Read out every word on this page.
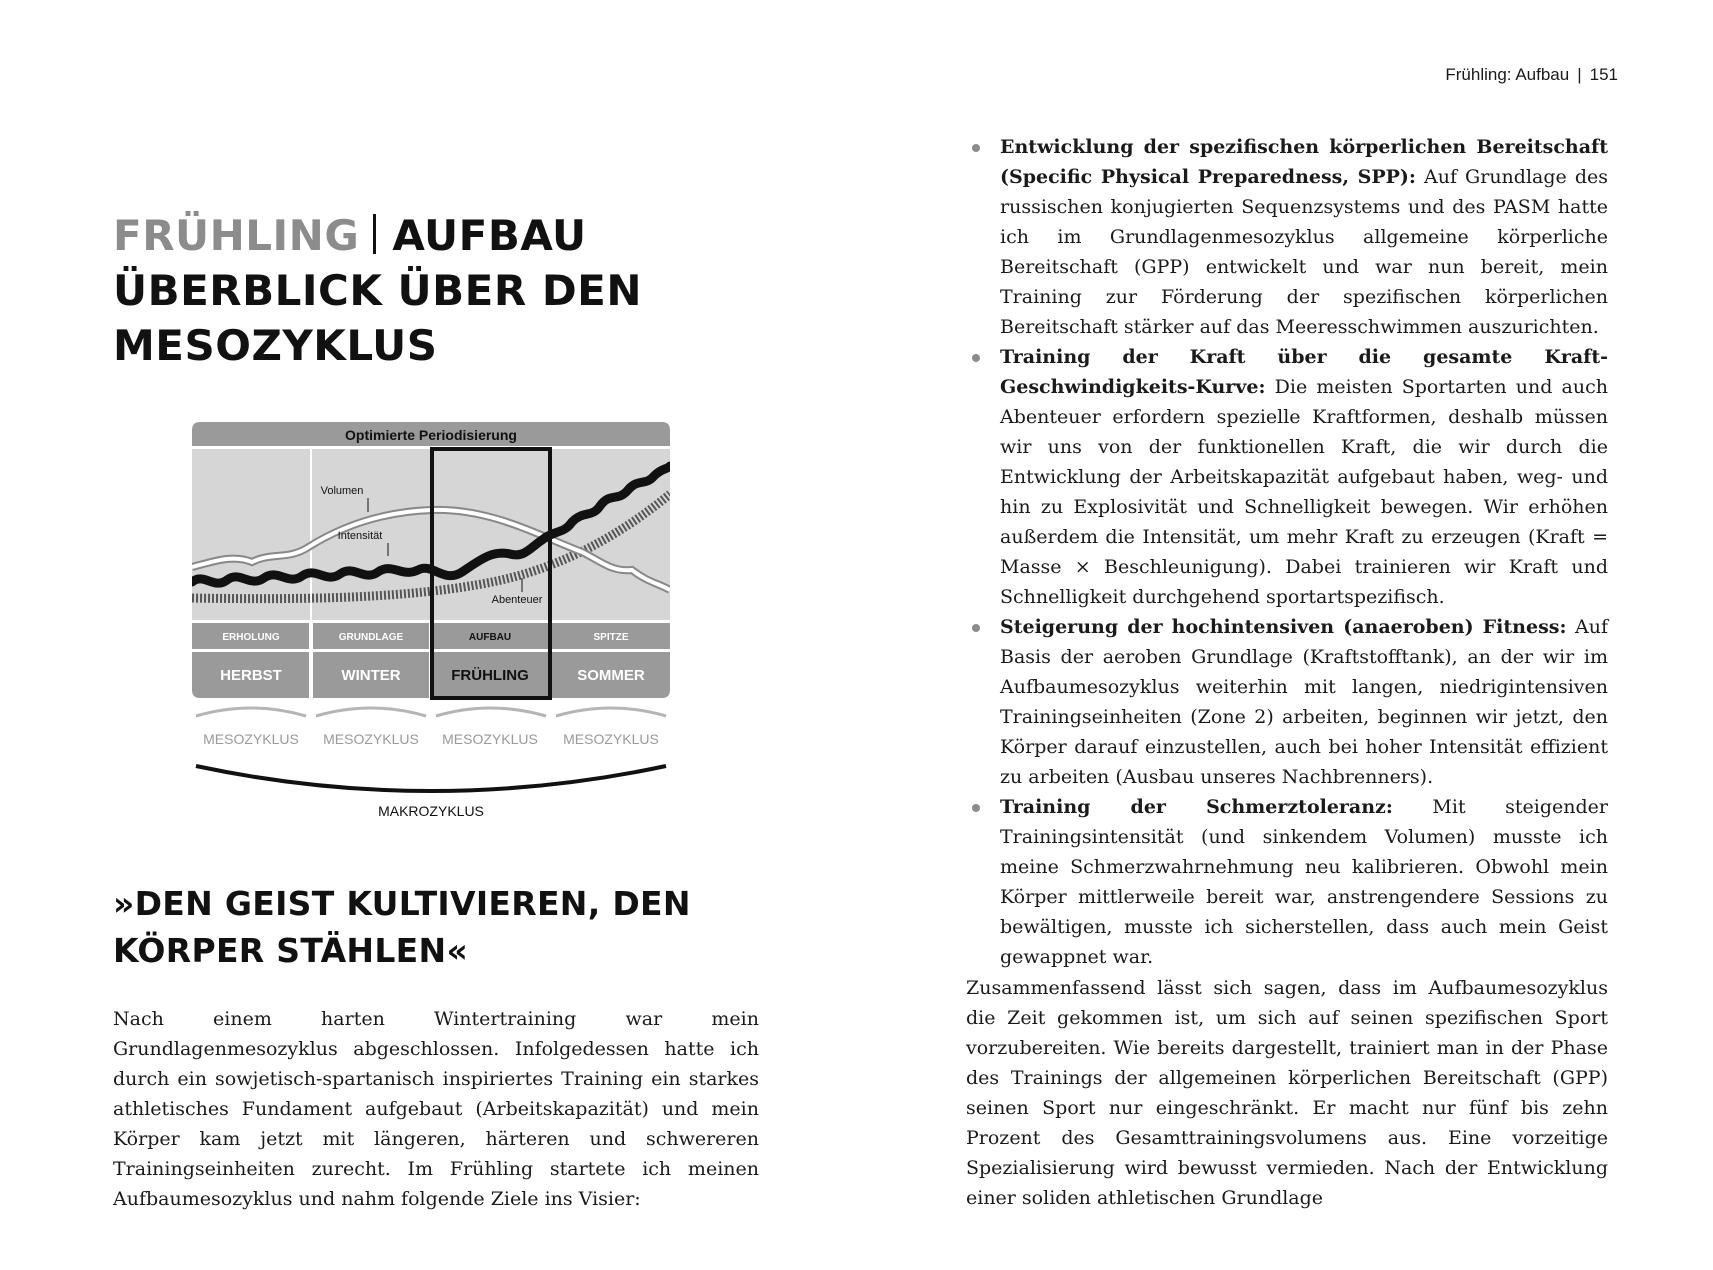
Frühling: Aufbau | 151
FRÜHLING AUFBAU
ÜBERBLICK ÜBER DEN
MESOZYKLUS
Optimierte Periodisierung
Volumen
Intensität
Abenteuer
ERHOLUNG	GRUNDLAGE	AUFBAU	SPITZE
HERBST	WINTER	FRÜHLING	SOMMER
MESOZYKLUS MESOZYKLUS MESOZYKLUS MESOZYKLUS
MAKROZYKLUS
»DEN GEIST KULTIVIEREN, DEN KÖRPER STÄHLEN«

Nach einem harten Wintertraining war mein Grundlagenmesozyklus abgeschlossen. Infolgedessen hatte ich durch ein sowjetisch-spartanisch inspiriertes Training ein starkes athletisches Fundament aufgebaut (Arbeitskapazität) und mein Körper kam jetzt mit längeren, härteren und schwereren Trainingseinheiten zurecht. Im Frühling startete ich meinen Aufbaumesozyklus und nahm folgende Ziele ins Visier:

Entwicklung der spezifischen körperlichen Bereitschaft (Specific Physical Preparedness, SPP): Auf Grundlage des russischen konjugierten Sequenzsystems und des PASM hatte ich im Grundlagenmesozyklus allgemeine körperliche Bereitschaft (GPP) entwickelt und war nun bereit, mein Training zur Förderung der spezifischen körperlichen Bereitschaft stärker auf das Meeresschwimmen auszurichten.
Training der Kraft über die gesamte Kraft-Geschwindigkeits-Kurve: Die meisten Sportarten und auch Abenteuer erfordern spezielle Kraftformen, deshalb müssen wir uns von der funktionellen Kraft, die wir durch die Entwicklung der Arbeitskapazität aufgebaut haben, weg- und hin zu Explosivität und Schnelligkeit bewegen. Wir erhöhen außerdem die Intensität, um mehr Kraft zu erzeugen (Kraft = Masse × Beschleunigung). Dabei trainieren wir Kraft und Schnelligkeit durchgehend sportartspezifisch.
Steigerung der hochintensiven (anaeroben) Fitness: Auf Basis der aeroben Grundlage (Kraftstofftank), an der wir im Aufbaumesozyklus weiterhin mit langen, niedrigintensiven Trainingseinheiten (Zone 2) arbeiten, beginnen wir jetzt, den Körper darauf einzustellen, auch bei hoher Intensität effizient zu arbeiten (Ausbau unseres Nachbrenners).
Training der Schmerztoleranz: Mit steigender Trainingsintensität (und sinkendem Volumen) musste ich meine Schmerzwahrnehmung neu kalibrieren. Obwohl mein Körper mittlerweile bereit war, anstrengendere Sessions zu bewältigen, musste ich sicherstellen, dass auch mein Geist gewappnet war.

Zusammenfassend lässt sich sagen, dass im Aufbaumesozyklus die Zeit gekommen ist, um sich auf seinen spezifischen Sport vorzubereiten. Wie bereits dargestellt, trainiert man in der Phase des Trainings der allgemeinen körperlichen Bereitschaft (GPP) seinen Sport nur eingeschränkt. Er macht nur fünf bis zehn Prozent des Gesamttrainingsvolumens aus. Eine vorzeitige Spezialisierung wird bewusst vermieden. Nach der Entwicklung einer soliden athletischen Grundlage
